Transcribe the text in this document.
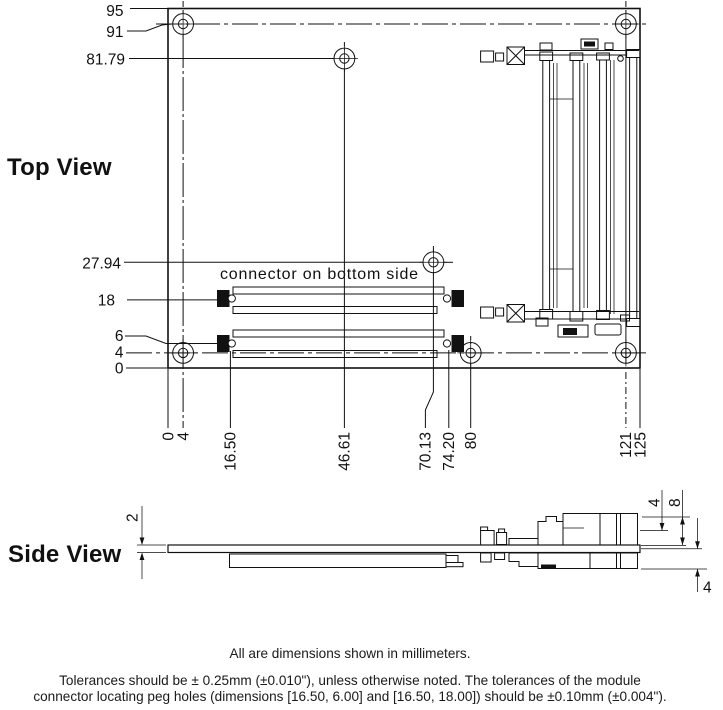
Top View
connector on bottom side
95
91
81.79
27.94
18
6
4
0
0
4 16.50	46.61	70.13 74.20 80	121
125
Side View
2
4 8
4

All are dimensions shown in millimeters.

Tolerances should be ± 0.25mm (±0.010"), unless otherwise noted. The tolerances of the module
connector locating peg holes (dimensions [16.50, 6.00] and [16.50, 18.00]) should be ±0.10mm (±0.004").
